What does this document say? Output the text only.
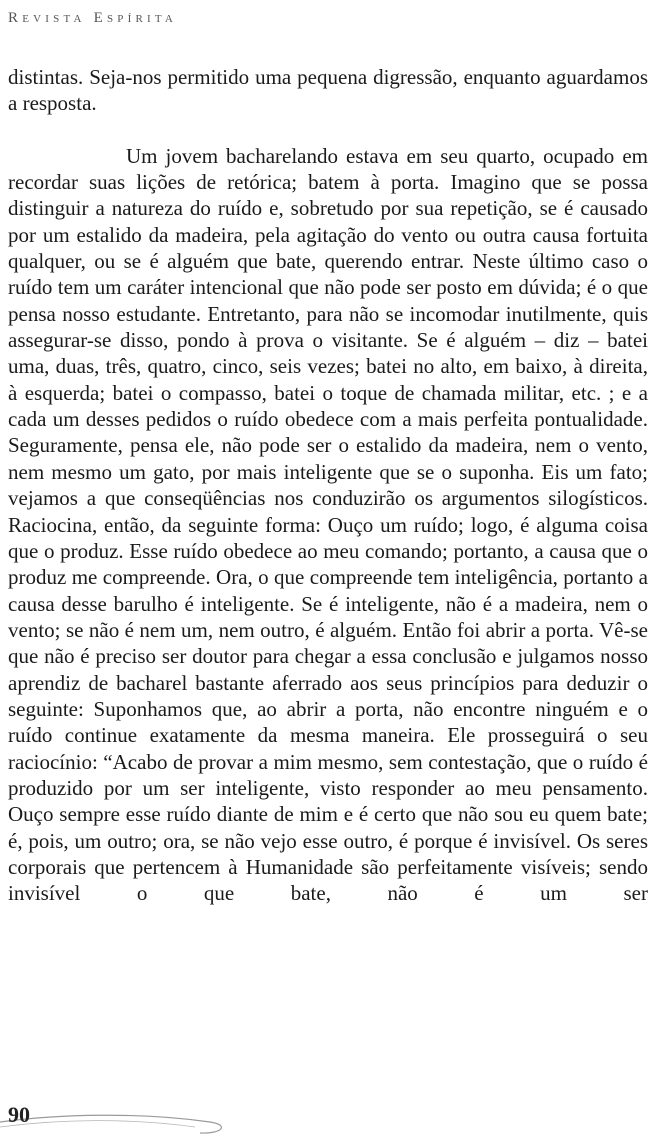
Revista Espírita

distintas. Seja-nos permitido uma pequena digressão, enquanto aguardamos a resposta.

Um jovem bacharelando estava em seu quarto, ocupado em recordar suas lições de retórica; batem à porta. Imagino que se possa distinguir a natureza do ruído e, sobretudo por sua repetição, se é causado por um estalido da madeira, pela agitação do vento ou outra causa fortuita qualquer, ou se é alguém que bate, querendo entrar. Neste último caso o ruído tem um caráter intencional que não pode ser posto em dúvida; é o que pensa nosso estudante. Entretanto, para não se incomodar inutilmente, quis assegurar-se disso, pondo à prova o visitante. Se é alguém – diz – batei uma, duas, três, quatro, cinco, seis vezes; batei no alto, em baixo, à direita, à esquerda; batei o compasso, batei o toque de chamada militar, etc. ; e a cada um desses pedidos o ruído obedece com a mais perfeita pontualidade. Seguramente, pensa ele, não pode ser o estalido da madeira, nem o vento, nem mesmo um gato, por mais inteligente que se o suponha. Eis um fato; vejamos a que conseqüências nos conduzirão os argumentos silogísticos. Raciocina, então, da seguinte forma: Ouço um ruído; logo, é alguma coisa que o produz. Esse ruído obedece ao meu comando; portanto, a causa que o produz me compreende. Ora, o que compreende tem inteligência, portanto a causa desse barulho é inteligente. Se é inteligente, não é a madeira, nem o vento; se não é nem um, nem outro, é alguém. Então foi abrir a porta. Vê-se que não é preciso ser doutor para chegar a essa conclusão e julgamos nosso aprendiz de bacharel bastante aferrado aos seus princípios para deduzir o seguinte: Suponhamos que, ao abrir a porta, não encontre ninguém e o ruído continue exatamente da mesma maneira. Ele prosseguirá o seu raciocínio: “Acabo de provar a mim mesmo, sem contestação, que o ruído é produzido por um ser inteligente, visto responder ao meu pensamento. Ouço sempre esse ruído diante de mim e é certo que não sou eu quem bate; é, pois, um outro; ora, se não vejo esse outro, é porque é invisível. Os seres corporais que pertencem à Humanidade são perfeitamente visíveis; sendo invisível o que bate, não é um ser

90
